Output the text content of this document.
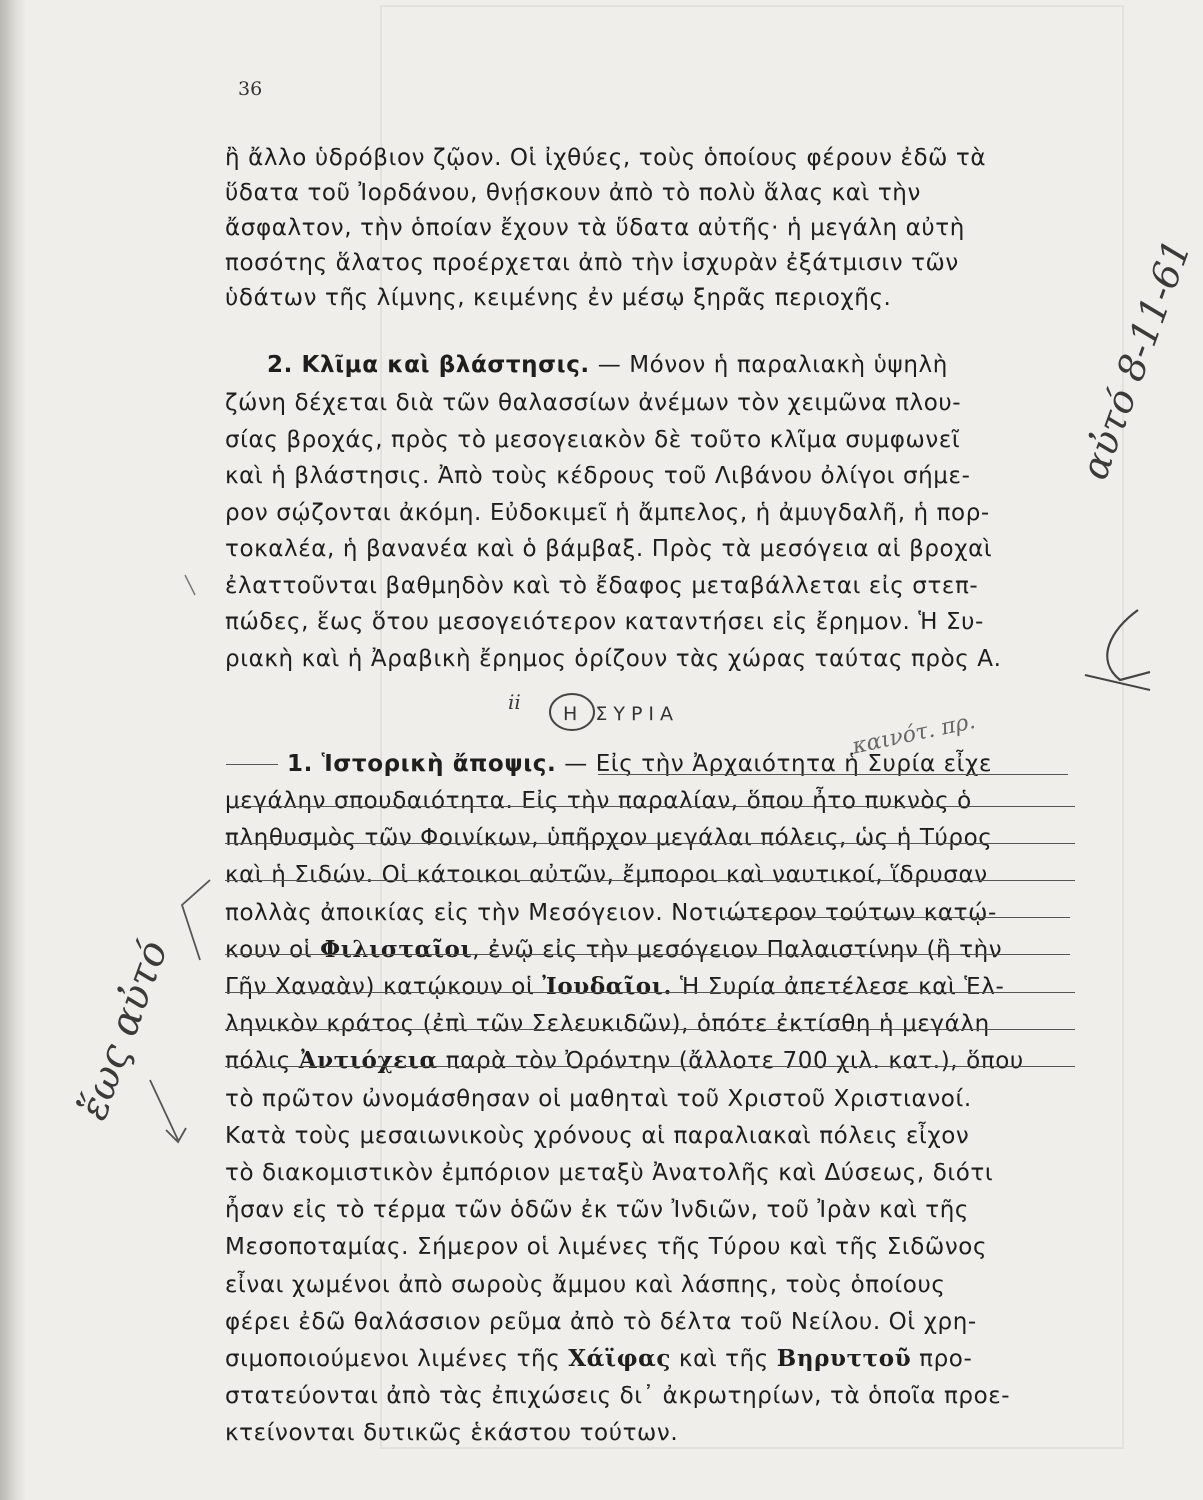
36
ἢ ἄλλο ὑδρόβιον ζῷον. Οἱ ἰχθύες, τοὺς ὁποίους φέρουν ἐδῶ τὰ
ὕδατα τοῦ Ἰορδάνου, θνῄσκουν ἀπὸ τὸ πολὺ ἅλας καὶ τὴν
ἄσφαλτον, τὴν ὁποίαν ἔχουν τὰ ὕδατα αὐτῆς· ἡ μεγάλη αὐτὴ
ποσότης ἅλατος προέρχεται ἀπὸ τὴν ἰσχυρὰν ἐξάτμισιν τῶν
ὑδάτων τῆς λίμνης, κειμένης ἐν μέσῳ ξηρᾶς περιοχῆς.
2. Κλῖμα καὶ βλάστησις. — Μόνον ἡ παραλιακὴ ὑψηλὴ
ζώνη δέχεται διὰ τῶν θαλασσίων ἀνέμων τὸν χειμῶνα πλου-
σίας βροχάς, πρὸς τὸ μεσογειακὸν δὲ τοῦτο κλῖμα συμφωνεῖ
καὶ ἡ βλάστησις. Ἀπὸ τοὺς κέδρους τοῦ Λιβάνου ὀλίγοι σήμε-
ρον σῴζονται ἀκόμη. Εὐδοκιμεῖ ἡ ἄμπελος, ἡ ἀμυγδαλῆ, ἡ πορ-
τοκαλέα, ἡ βανανέα καὶ ὁ βάμβαξ. Πρὸς τὰ μεσόγεια αἱ βροχαὶ
ἐλαττοῦνται βαθμηδὸν καὶ τὸ ἔδαφος μεταβάλλεται εἰς στεπ-
πώδες, ἕως ὅτου μεσογειότερον καταντήσει εἰς ἔρημον. Ἡ Συ-
ριακὴ καὶ ἡ Ἀραβικὴ ἔρημος ὁρίζουν τὰς χώρας ταύτας πρὸς Α.
1. Ἱστορικὴ ἄποψις. — Εἰς τὴν Ἀρχαιότητα ἡ Συρία εἶχε
μεγάλην σπουδαιότητα. Εἰς τὴν παραλίαν, ὅπου ἦτο πυκνὸς ὁ
πληθυσμὸς τῶν Φοινίκων, ὑπῆρχον μεγάλαι πόλεις, ὡς ἡ Τύρος
καὶ ἡ Σιδών. Οἱ κάτοικοι αὐτῶν, ἔμποροι καὶ ναυτικοί, ἵδρυσαν
πολλὰς ἀποικίας εἰς τὴν Μεσόγειον. Νοτιώτερον τούτων κατῴ-
κουν οἱ Φιλισταῖοι, ἐνῷ εἰς τὴν μεσόγειον Παλαιστίνην (ἢ τὴν
Γῆν Χαναὰν) κατῴκουν οἱ Ἰουδαῖοι. Ἡ Συρία ἀπετέλεσε καὶ Ἑλ-
ληνικὸν κράτος (ἐπὶ τῶν Σελευκιδῶν), ὁπότε ἐκτίσθη ἡ μεγάλη
πόλις Ἀντιόχεια παρὰ τὸν Ὀρόντην (ἄλλοτε 700 χιλ. κατ.), ὅπου
τὸ πρῶτον ὠνομάσθησαν οἱ μαθηταὶ τοῦ Χριστοῦ Χριστιανοί.
Κατὰ τοὺς μεσαιωνικοὺς χρόνους αἱ παραλιακαὶ πόλεις εἶχον
τὸ διακομιστικὸν ἐμπόριον μεταξὺ Ἀνατολῆς καὶ Δύσεως, διότι
ἦσαν εἰς τὸ τέρμα τῶν ὁδῶν ἐκ τῶν Ἰνδιῶν, τοῦ Ἰρὰν καὶ τῆς
Μεσοποταμίας. Σήμερον οἱ λιμένες τῆς Τύρου καὶ τῆς Σιδῶνος
εἶναι χωμένοι ἀπὸ σωροὺς ἄμμου καὶ λάσπης, τοὺς ὁποίους
φέρει ἐδῶ θαλάσσιον ρεῦμα ἀπὸ τὸ δέλτα τοῦ Νείλου. Οἱ χρη-
σιμοποιούμενοι λιμένες τῆς Χάϊφας καὶ τῆς Βηρυττοῦ προ-
στατεύονται ἀπὸ τὰς ἐπιχώσεις δι᾽ ἀκρωτηρίων, τὰ ὁποῖα προε-
κτείνονται δυτικῶς ἑκάστου τούτων.
Η ΣΥΡΙΑ
αὐτό 8-11-61
ἕως αὐτό
ii
καινότ. πρ.
